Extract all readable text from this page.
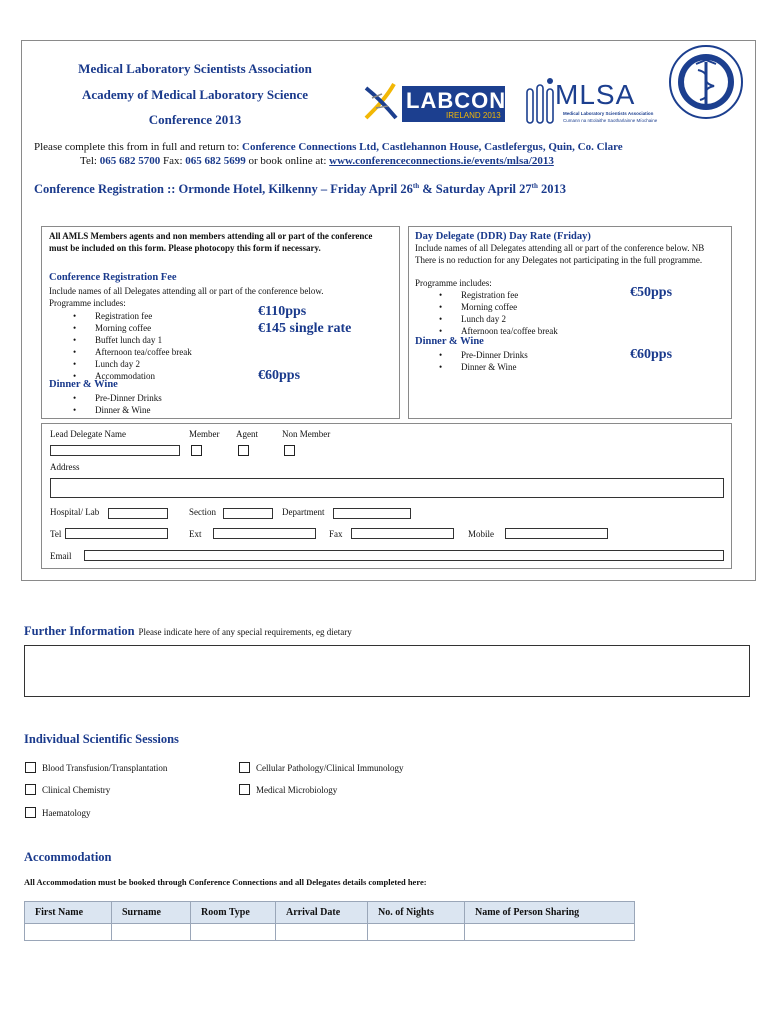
Medical Laboratory Scientists Association
Academy of Medical Laboratory Science
Conference 2013
LABCON
IRELAND 2013
MLSA
Medical Laboratory Scientists Association
Cumann na nEolaithe Saotharlainne Míochaine
Please complete this from in full and return to: Conference Connections Ltd, Castlehannon House, Castlefergus, Quin, Co. Clare
Tel: 065 682 5700 Fax: 065 682 5699 or book online at: www.conferenceconnections.ie/events/mlsa/2013
Conference Registration :: Ormonde Hotel, Kilkenny – Friday April 26th & Saturday April 27th 2013
All AMLS Members agents and non members attending all or part of the conference must be included on this form. Please photocopy this form if necessary.
Conference Registration Fee
Include names of all Delegates attending all or part of the conference below.
Programme includes:
• Registration fee
• Morning coffee
• Buffet lunch day 1
• Afternoon tea/coffee break
• Lunch day 2
• Accommodation
€110pps
€145 single rate
Dinner & Wine
• Pre-Dinner Drinks
• Dinner & Wine
€60pps
Day Delegate (DDR) Day Rate (Friday)
Include names of all Delegates attending all or part of the conference below. NB There is no reduction for any Delegates not participating in the full programme.
Programme includes:
• Registration fee
• Morning coffee
• Lunch day 2
• Afternoon tea/coffee break
€50pps
Dinner & Wine
• Pre-Dinner Drinks
• Dinner & Wine
€60pps
Lead Delegate Name	Member Agent	Non Member
Address
Hospital/ Lab	Section	Department
Tel	Ext	Fax	Mobile
Email
Further Information Please indicate here of any special requirements, eg dietary
Individual Scientific Sessions
Blood Transfusion/Transplantation	Cellular Pathology/Clinical Immunology
Clinical Chemistry	Medical Microbiology
Haematology
Accommodation
All Accommodation must be booked through Conference Connections and all Delegates details completed here:
First Name	Surname	Room Type	Arrival Date	No. of Nights	Name of Person Sharing
